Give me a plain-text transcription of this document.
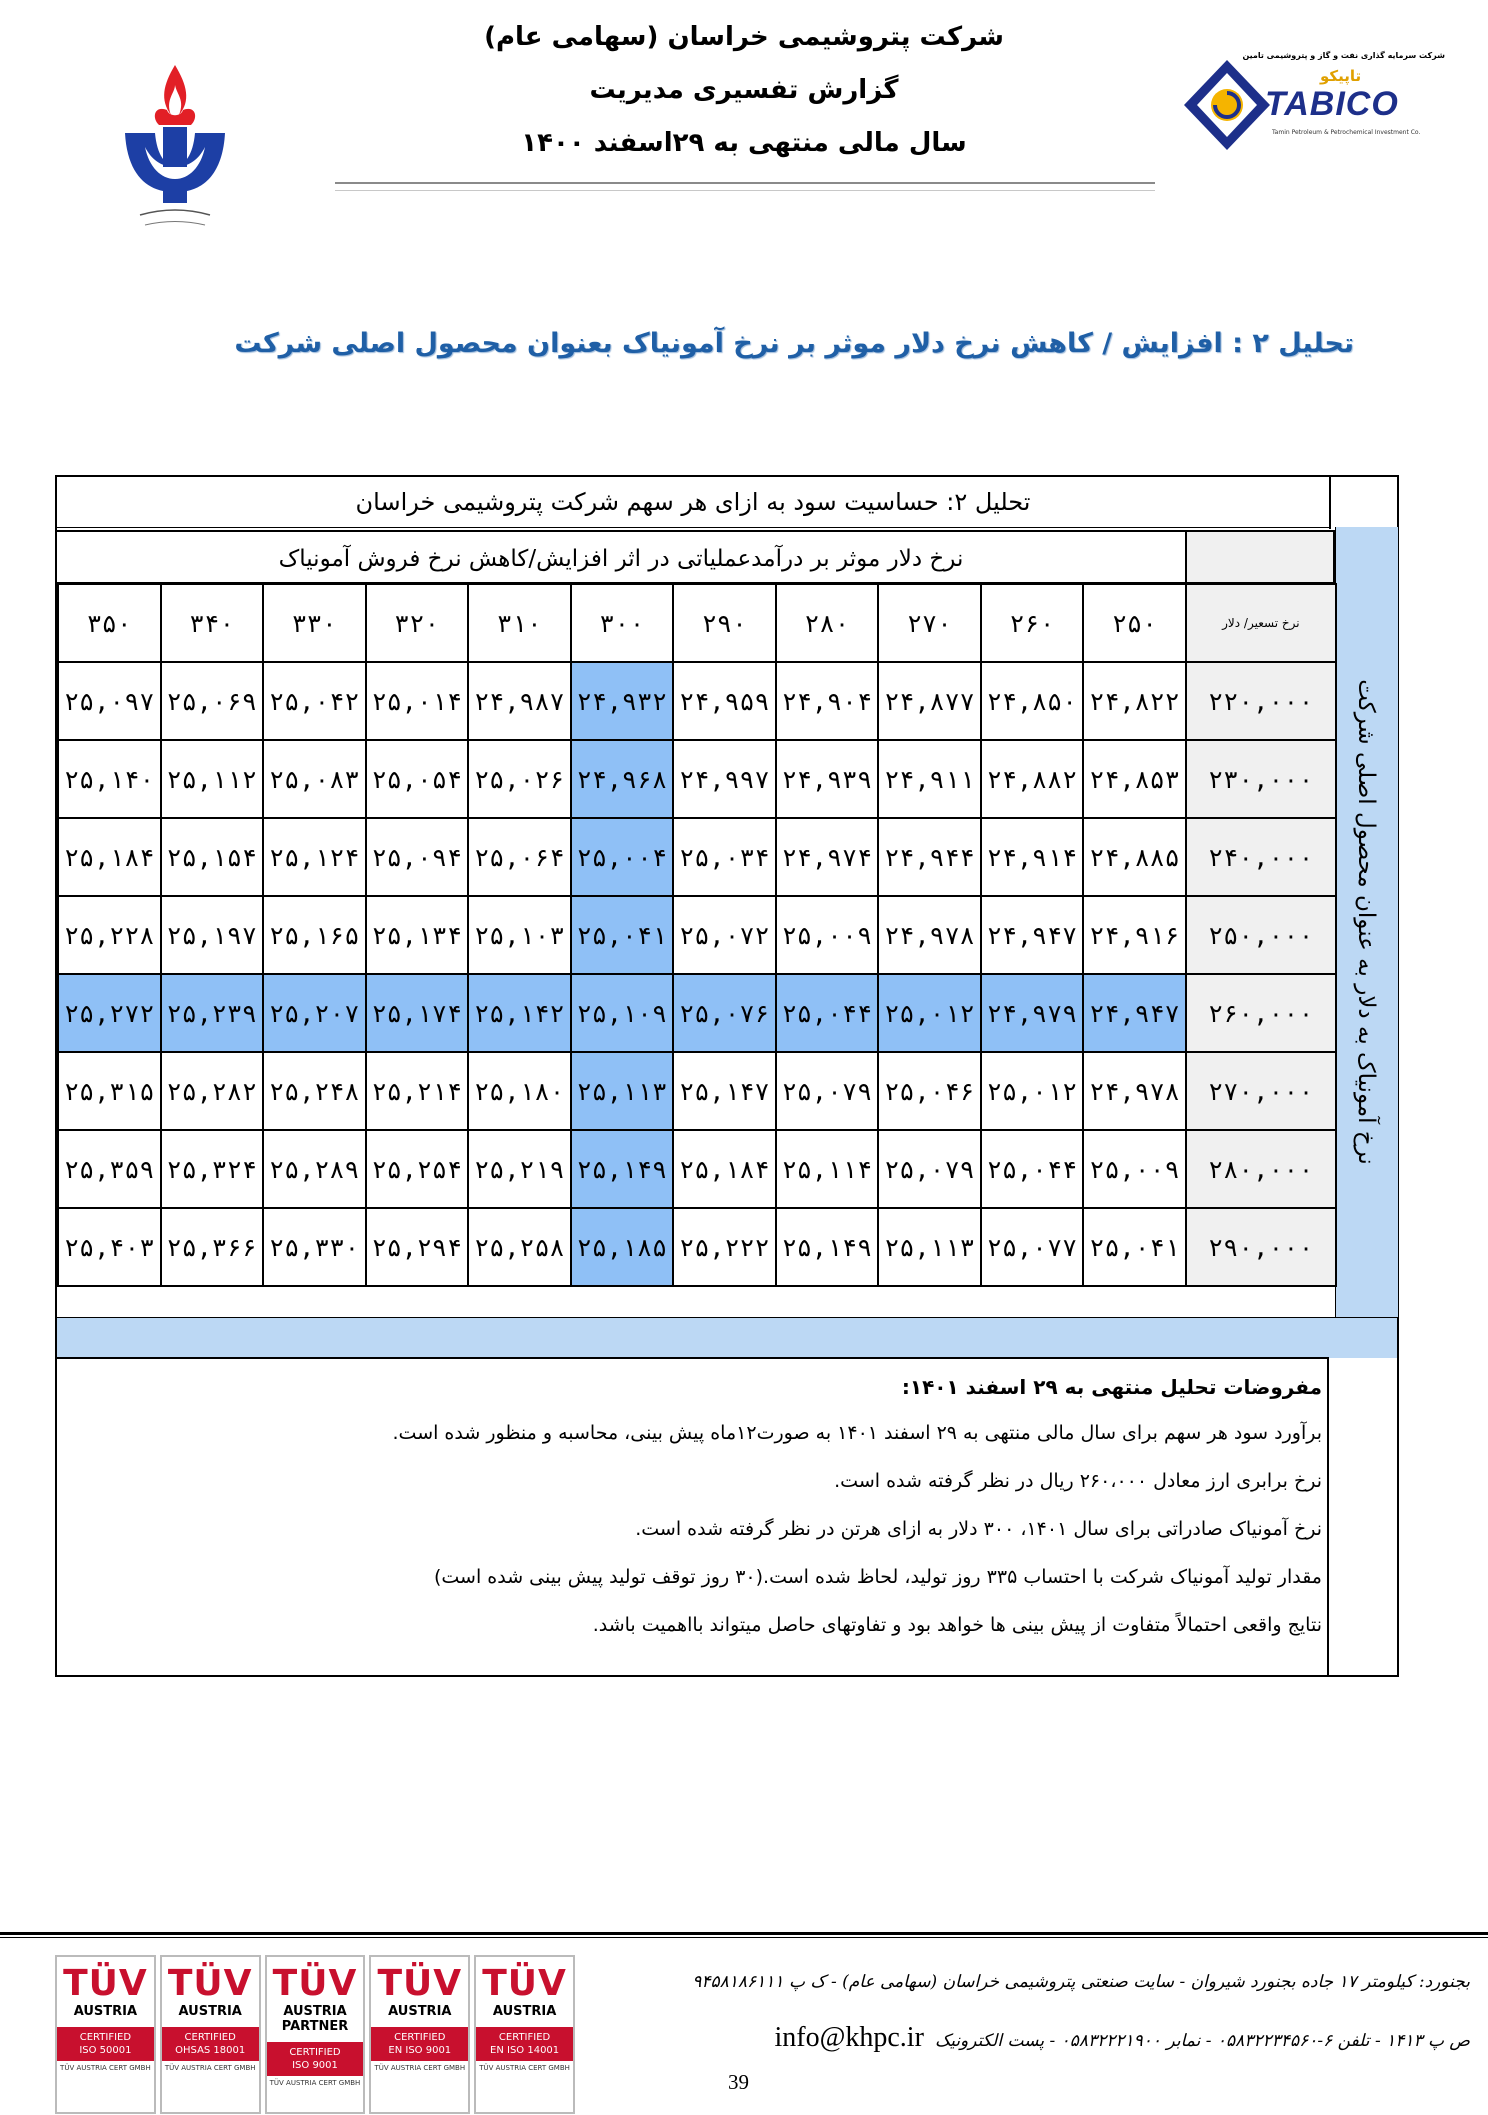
شرکت پتروشیمی خراسان (سهامی عام)
گزارش تفسیری مدیریت
سال مالی منتهی به ۲۹اسفند ۱۴۰۰
شرکت سرمایه گذاری نفت و گاز و پتروشیمی تامین
تاپیکو
TABICO
Tamin Petroleum & Petrochemical Investment Co.
تحلیل ۲ : افزایش / کاهش نرخ دلار موثر بر نرخ آمونیاک بعنوان محصول اصلی شرکت
تحلیل ۲: حساسیت سود به ازای هر سهم شرکت پتروشیمی خراسان
نرخ آمونیاک به دلار به عنوان محصول اصلی شرکت
نرخ دلار موثر بر درآمدعملیاتی در اثر افزایش/کاهش نرخ فروش آمونیاک
۳۵۰	۳۴۰	۳۳۰	۳۲۰	۳۱۰	۳۰۰	۲۹۰	۲۸۰	۲۷۰	۲۶۰	۲۵۰	نرخ تسعیر/ دلار
۲۵,۰۹۷	۲۵,۰۶۹	۲۵,۰۴۲	۲۵,۰۱۴	۲۴,۹۸۷	۲۴,۹۳۲	۲۴,۹۵۹	۲۴,۹۰۴	۲۴,۸۷۷	۲۴,۸۵۰	۲۴,۸۲۲	۲۲۰,۰۰۰
۲۵,۱۴۰	۲۵,۱۱۲	۲۵,۰۸۳	۲۵,۰۵۴	۲۵,۰۲۶	۲۴,۹۶۸	۲۴,۹۹۷	۲۴,۹۳۹	۲۴,۹۱۱	۲۴,۸۸۲	۲۴,۸۵۳	۲۳۰,۰۰۰
۲۵,۱۸۴	۲۵,۱۵۴	۲۵,۱۲۴	۲۵,۰۹۴	۲۵,۰۶۴	۲۵,۰۰۴	۲۵,۰۳۴	۲۴,۹۷۴	۲۴,۹۴۴	۲۴,۹۱۴	۲۴,۸۸۵	۲۴۰,۰۰۰
۲۵,۲۲۸	۲۵,۱۹۷	۲۵,۱۶۵	۲۵,۱۳۴	۲۵,۱۰۳	۲۵,۰۴۱	۲۵,۰۷۲	۲۵,۰۰۹	۲۴,۹۷۸	۲۴,۹۴۷	۲۴,۹۱۶	۲۵۰,۰۰۰
۲۵,۲۷۲	۲۵,۲۳۹	۲۵,۲۰۷	۲۵,۱۷۴	۲۵,۱۴۲	۲۵,۱۰۹	۲۵,۰۷۶	۲۵,۰۴۴	۲۵,۰۱۲	۲۴,۹۷۹	۲۴,۹۴۷	۲۶۰,۰۰۰
۲۵,۳۱۵	۲۵,۲۸۲	۲۵,۲۴۸	۲۵,۲۱۴	۲۵,۱۸۰	۲۵,۱۱۳	۲۵,۱۴۷	۲۵,۰۷۹	۲۵,۰۴۶	۲۵,۰۱۲	۲۴,۹۷۸	۲۷۰,۰۰۰
۲۵,۳۵۹	۲۵,۳۲۴	۲۵,۲۸۹	۲۵,۲۵۴	۲۵,۲۱۹	۲۵,۱۴۹	۲۵,۱۸۴	۲۵,۱۱۴	۲۵,۰۷۹	۲۵,۰۴۴	۲۵,۰۰۹	۲۸۰,۰۰۰
۲۵,۴۰۳	۲۵,۳۶۶	۲۵,۳۳۰	۲۵,۲۹۴	۲۵,۲۵۸	۲۵,۱۸۵	۲۵,۲۲۲	۲۵,۱۴۹	۲۵,۱۱۳	۲۵,۰۷۷	۲۵,۰۴۱	۲۹۰,۰۰۰

مفروضات تحلیل منتهی به ۲۹ اسفند ۱۴۰۱:

برآورد سود هر سهم برای سال مالی منتهی به ۲۹ اسفند ۱۴۰۱ به صورت۱۲ماه پیش بینی، محاسبه و منظور شده است.

نرخ برابری ارز معادل ۲۶۰،۰۰۰ ریال در نظر گرفته شده است.

نرخ آمونیاک صادراتی برای سال ۱۴۰۱، ۳۰۰ دلار به ازای هرتن در نظر گرفته شده است.

مقدار تولید آمونیاک شرکت با احتساب ۳۳۵ روز تولید، لحاظ شده است.(۳۰ روز توقف تولید پیش بینی شده است)

نتایج واقعی احتمالاً متفاوت از پیش بینی ها خواهد بود و تفاوتهای حاصل میتواند بااهمیت باشد.

TÜV
AUSTRIA
CERTIFIED
ISO 50001
TÜV AUSTRIA CERT GMBH
TÜV
AUSTRIA
CERTIFIED
OHSAS 18001
TÜV AUSTRIA CERT GMBH
TÜV
AUSTRIA PARTNER
CERTIFIED
ISO 9001
TÜV AUSTRIA CERT GMBH
TÜV
AUSTRIA
CERTIFIED
EN ISO 9001
TÜV AUSTRIA CERT GMBH
TÜV
AUSTRIA
CERTIFIED
EN ISO 14001
TÜV AUSTRIA CERT GMBH
بجنورد: کیلومتر ۱۷ جاده بجنورد شیروان - سایت صنعتی پتروشیمی خراسان (سهامی عام) - ک پ ۹۴۵۸۱۸۶۱۱۱
ص پ ۱۴۱۳ - تلفن ۶-۰۵۸۳۲۲۳۴۵۶۰ - نمابر ۰۵۸۳۲۲۲۱۹۰۰ - پست الکترونیک info@khpc.ir
39
